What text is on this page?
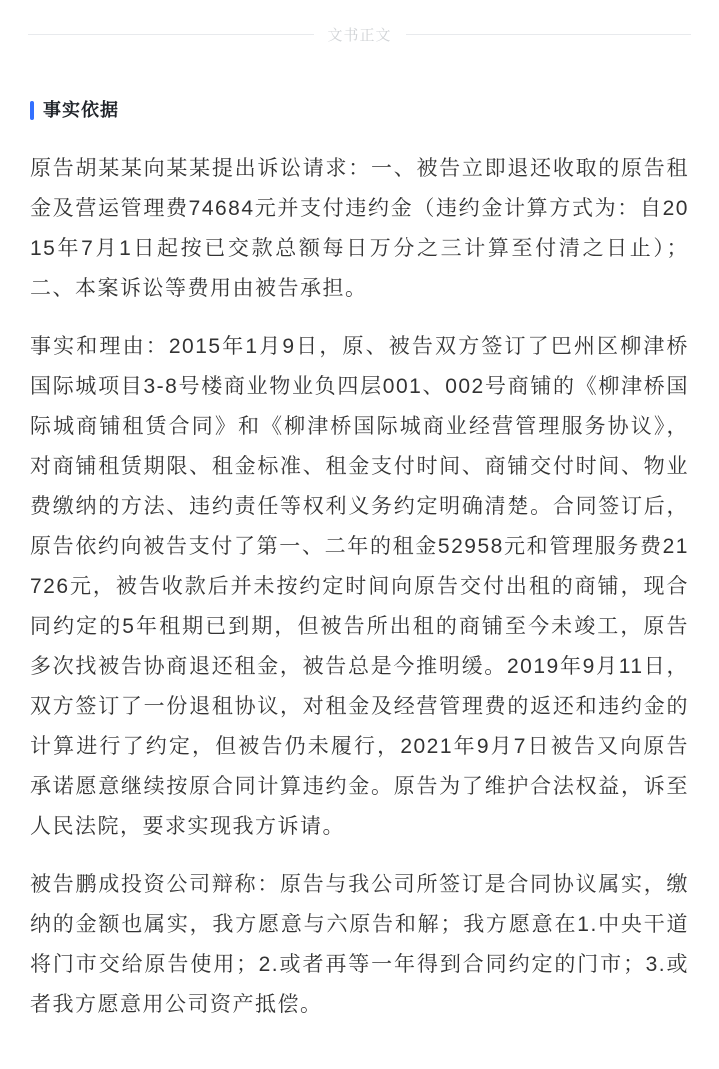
文书正文
事实依据

原告胡某某向某某提出诉讼请求：一、被告立即退还收取的原告租金及营运管理费74684元并支付违约金（违约金计算方式为：自2015年7月1日起按已交款总额每日万分之三计算至付清之日止）；二、本案诉讼等费用由被告承担。

事实和理由：2015年1月9日，原、被告双方签订了巴州区柳津桥国际城项目3-8号楼商业物业负四层001、002号商铺的《柳津桥国际城商铺租赁合同》和《柳津桥国际城商业经营管理服务协议》，对商铺租赁期限、租金标准、租金支付时间、商铺交付时间、物业费缴纳的方法、违约责任等权利义务约定明确清楚。合同签订后，原告依约向被告支付了第一、二年的租金52958元和管理服务费21726元，被告收款后并未按约定时间向原告交付出租的商铺，现合同约定的5年租期已到期，但被告所出租的商铺至今未竣工，原告多次找被告协商退还租金，被告总是今推明缓。2019年9月11日，双方签订了一份退租协议，对租金及经营管理费的返还和违约金的计算进行了约定，但被告仍未履行，2021年9月7日被告又向原告承诺愿意继续按原合同计算违约金。原告为了维护合法权益，诉至人民法院，要求实现我方诉请。

被告鹏成投资公司辩称：原告与我公司所签订是合同协议属实，缴纳的金额也属实，我方愿意与六原告和解；我方愿意在1.中央干道将门市交给原告使用；2.或者再等一年得到合同约定的门市；3.或者我方愿意用公司资产抵偿。
